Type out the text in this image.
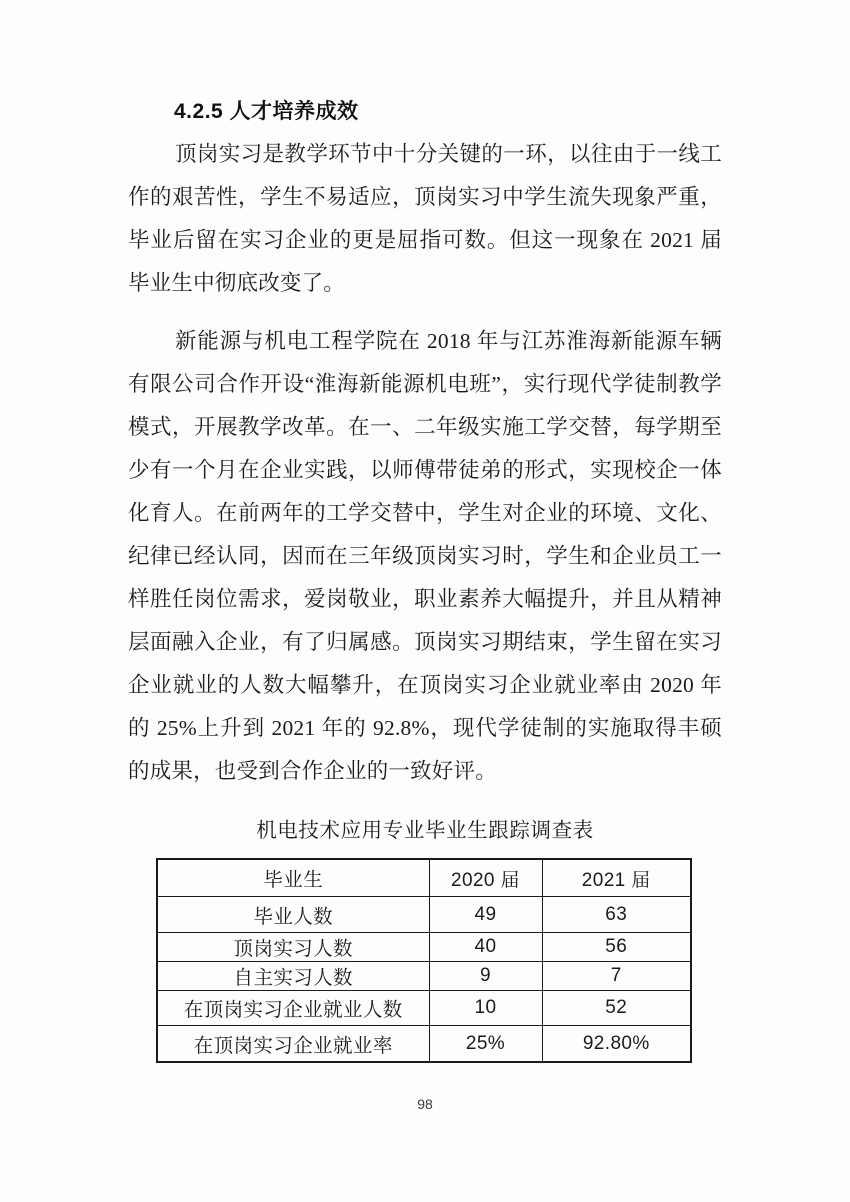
4.2.5 人才培养成效

顶岗实习是教学环节中十分关键的一环，以往由于一线工作的艰苦性，学生不易适应，顶岗实习中学生流失现象严重，毕业后留在实习企业的更是屈指可数。但这一现象在 2021 届毕业生中彻底改变了。

新能源与机电工程学院在 2018 年与江苏淮海新能源车辆有限公司合作开设“淮海新能源机电班”，实行现代学徒制教学模式，开展教学改革。在一、二年级实施工学交替，每学期至少有一个月在企业实践，以师傅带徒弟的形式，实现校企一体化育人。在前两年的工学交替中，学生对企业的环境、文化、纪律已经认同，因而在三年级顶岗实习时，学生和企业员工一样胜任岗位需求，爱岗敬业，职业素养大幅提升，并且从精神层面融入企业，有了归属感。顶岗实习期结束，学生留在实习企业就业的人数大幅攀升，在顶岗实习企业就业率由 2020 年的 25%上升到 2021 年的 92.8%，现代学徒制的实施取得丰硕的成果，也受到合作企业的一致好评。

机电技术应用专业毕业生跟踪调查表
毕业生	2020 届	2021 届
毕业人数	49	63
顶岗实习人数	40	56
自主实习人数	9	7
在顶岗实习企业就业人数	10	52
在顶岗实习企业就业率	25%	92.80%
98
